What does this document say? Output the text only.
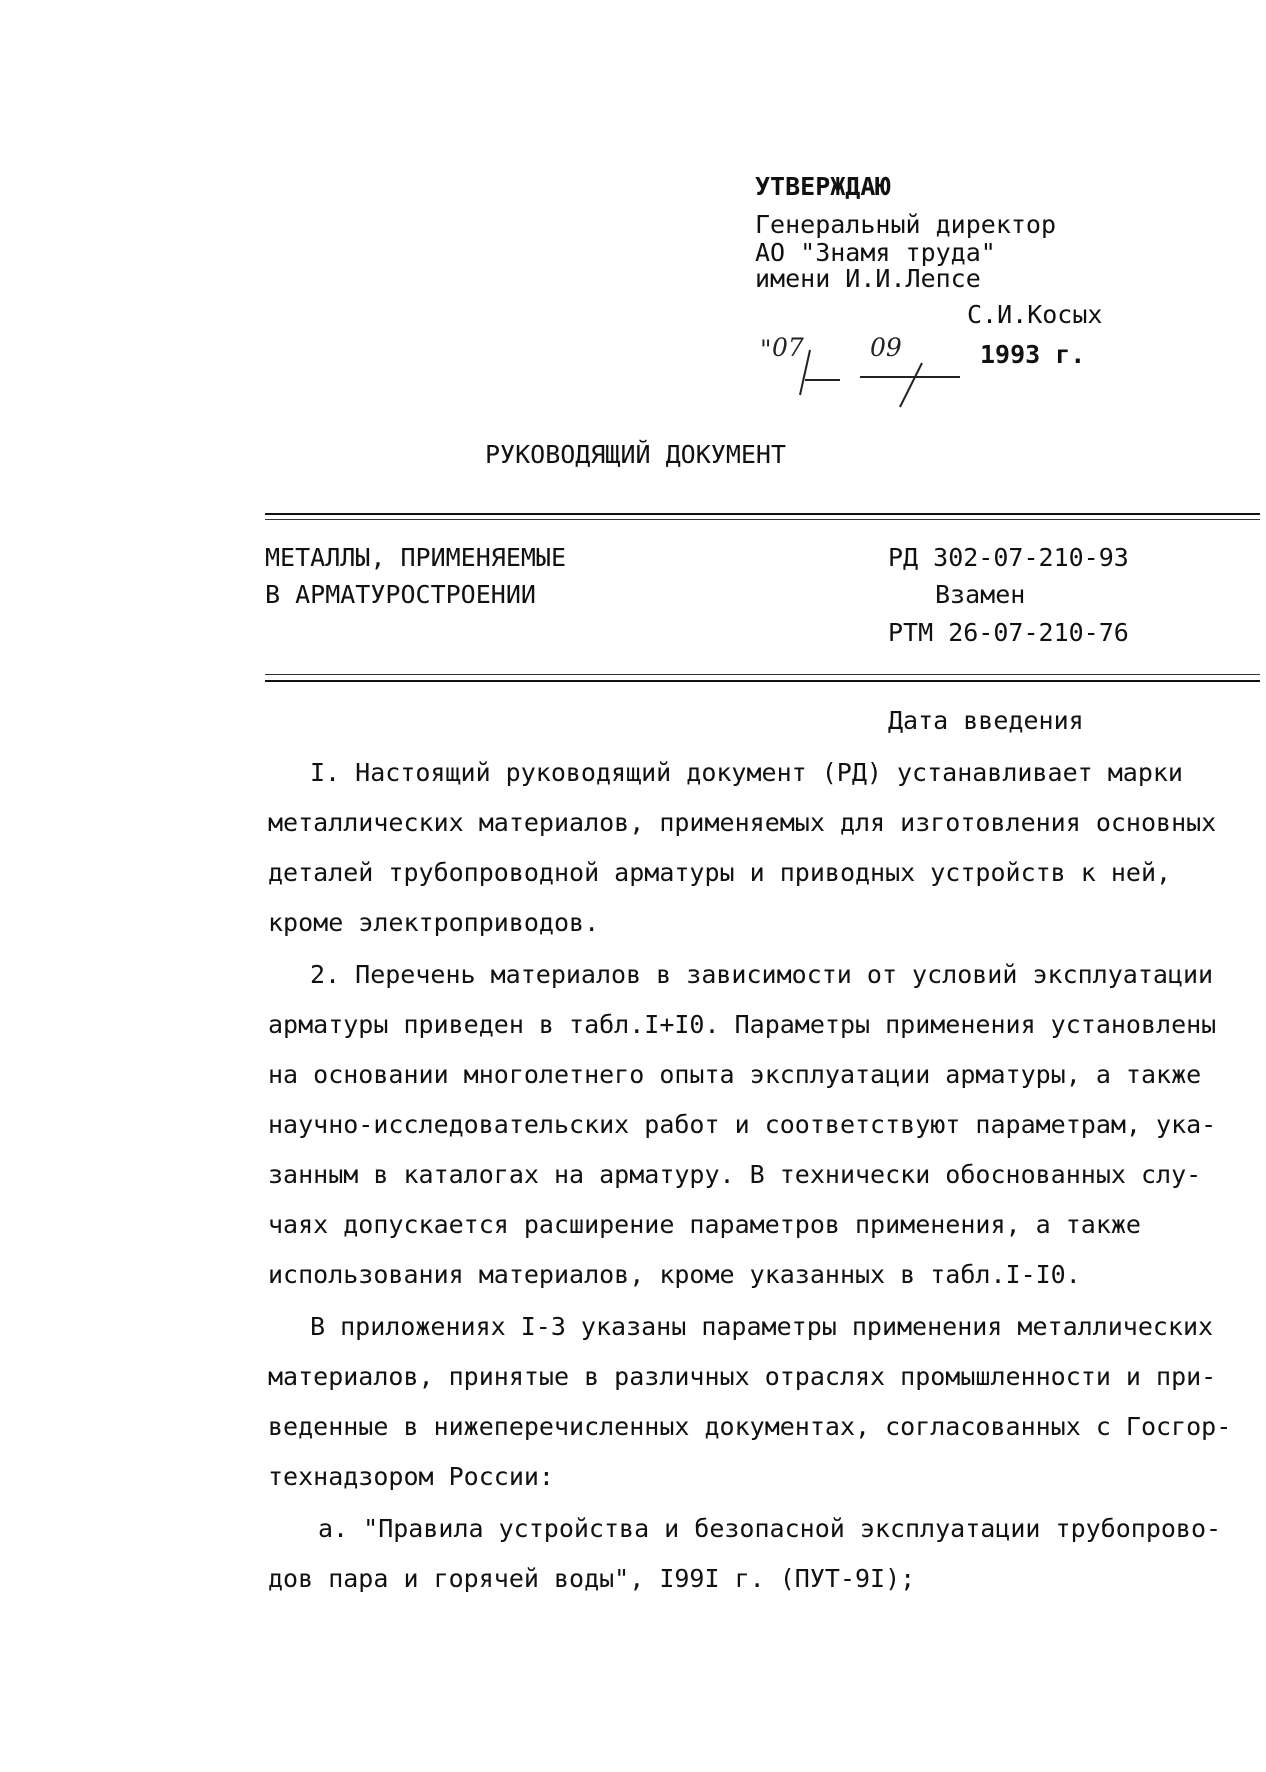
УТВЕРЖДАЮ
Генеральный директор
АО "Знамя труда"
имени И.И.Лепсе
С.И.Косых
" 07	09	1993 г.
РУКОВОДЯЩИЙ ДОКУМЕНТ
МЕТАЛЛЫ, ПРИМЕНЯЕМЫЕ
В АРМАТУРОСТРОЕНИИ
РД 302-07-210-93
Взамен
РТМ 26-07-210-76
Дата введения
I. Настоящий руководящий документ (РД) устанавливает марки
металлических материалов, применяемых для изготовления основных
деталей трубопроводной арматуры и приводных устройств к ней,
кроме электроприводов.
2. Перечень материалов в зависимости от условий эксплуатации
арматуры приведен в табл.I+I0. Параметры применения установлены
на основании многолетнего опыта эксплуатации арматуры, а также
научно-исследовательских работ и соответствуют параметрам, ука-
занным в каталогах на арматуру. В технически обоснованных слу-
чаях допускается расширение параметров применения, а также
использования материалов, кроме указанных в табл.I-I0.
В приложениях I-3 указаны параметры применения металлических
материалов, принятые в различных отраслях промышленности и при-
веденные в нижеперечисленных документах, согласованных с Госгор-
технадзором России:
а. "Правила устройства и безопасной эксплуатации трубопрово-
дов пара и горячей воды", I99I г. (ПУТ-9I);
